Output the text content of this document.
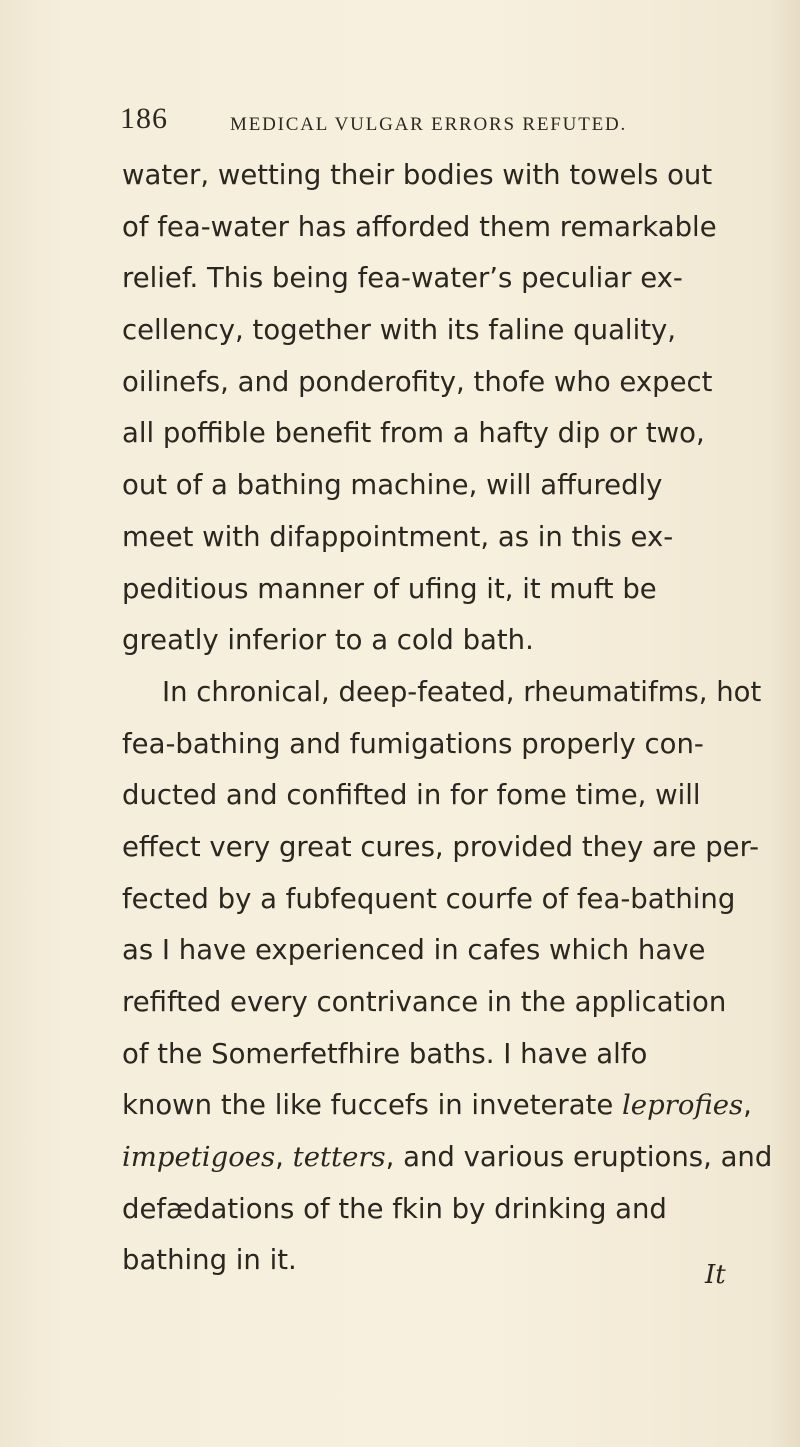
186	MEDICAL VULGAR ERRORS REFUTED.
water, wetting their bodies with towels out
of fea-water has afforded them remarkable
relief. This being fea-water’s peculiar ex-
cellency, together with its faline quality,
oilinefs, and ponderofity, thofe who expect
all poffible benefit from a hafty dip or two,
out of a bathing machine, will affuredly
meet with difappointment, as in this ex-
peditious manner of ufing it, it muft be
greatly inferior to a cold bath.
In chronical, deep-feated, rheumatifms, hot
fea-bathing and fumigations properly con-
ducted and confifted in for fome time, will
effect very great cures, provided they are per-
fected by a fubfequent courfe of fea-bathing
as I have experienced in cafes which have
refifted every contrivance in the application
of the Somerfetfhire baths. I have alfo
known the like fuccefs in inveterate leprofies,
impetigoes, tetters, and various eruptions, and
defædations of the fkin by drinking and
bathing in it.	It
